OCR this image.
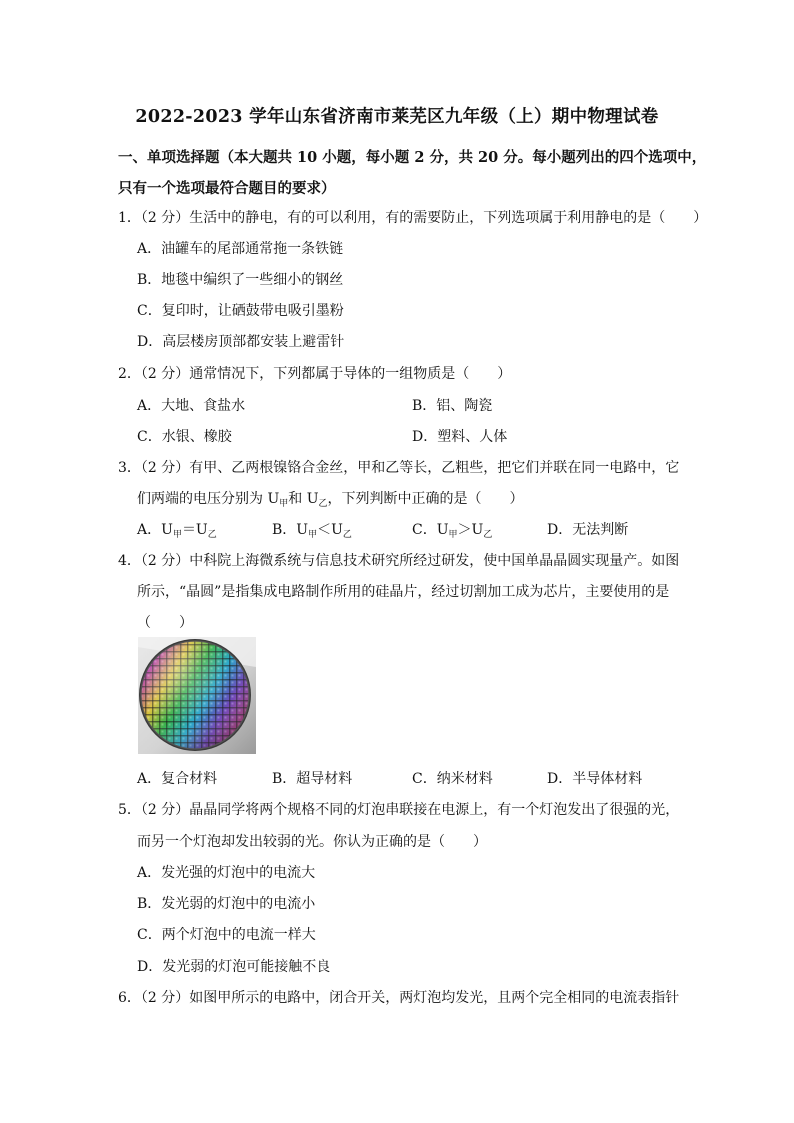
2022-2023 学年山东省济南市莱芜区九年级（上）期中物理试卷
一、单项选择题（本大题共 10 小题，每小题 2 分，共 20 分。每小题列出的四个选项中，
只有一个选项最符合题目的要求）
1．（2 分）生活中的静电，有的可以利用，有的需要防止，下列选项属于利用静电的是（　　）
A．油罐车的尾部通常拖一条铁链
B．地毯中编织了一些细小的钢丝
C．复印时，让硒鼓带电吸引墨粉
D．高层楼房顶部都安装上避雷针
2．（2 分）通常情况下，下列都属于导体的一组物质是（　　）
A．大地、食盐水	B．铝、陶瓷
C．水银、橡胶	D．塑料、人体
3．（2 分）有甲、乙两根镍铬合金丝，甲和乙等长，乙粗些，把它们并联在同一电路中，它
们两端的电压分别为 $U_甲$和 $U_乙$，下列判断中正确的是（　　）
A．$U_甲=U_乙$	B．$U_甲<U_乙$	C．$U_甲>U_乙$	D．无法判断
4．（2 分）中科院上海微系统与信息技术研究所经过研发，使中国单晶晶圆实现量产。如图
所示，“晶圆”是指集成电路制作所用的硅晶片，经过切割加工成为芯片，主要使用的是
（　　）
A．复合材料	B．超导材料	C．纳米材料	D．半导体材料
5．（2 分）晶晶同学将两个规格不同的灯泡串联接在电源上，有一个灯泡发出了很强的光，
而另一个灯泡却发出较弱的光。你认为正确的是（　　）
A．发光强的灯泡中的电流大
B．发光弱的灯泡中的电流小
C．两个灯泡中的电流一样大
D．发光弱的灯泡可能接触不良
6．（2 分）如图甲所示的电路中，闭合开关，两灯泡均发光，且两个完全相同的电流表指针
